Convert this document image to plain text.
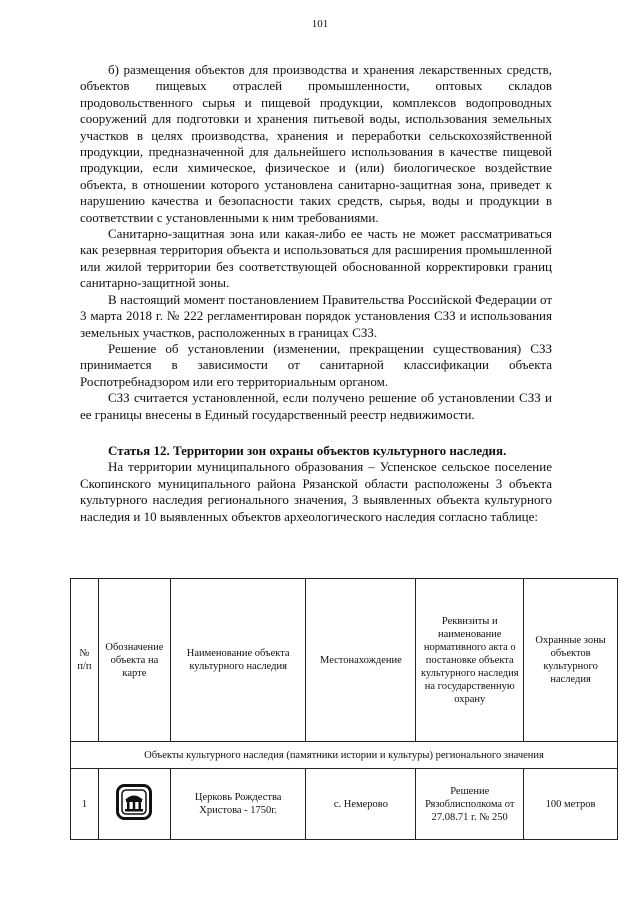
101

б) размещения объектов для производства и хранения лекарственных средств, объектов пищевых отраслей промышленности, оптовых складов продовольственного сырья и пищевой продукции, комплексов водопроводных сооружений для подготовки и хранения питьевой воды, использования земельных участков в целях производства, хранения и переработки сельскохозяйственной продукции, предназначенной для дальнейшего использования в качестве пищевой продукции, если химическое, физическое и (или) биологическое воздействие объекта, в отношении которого установлена санитарно-защитная зона, приведет к нарушению качества и безопасности таких средств, сырья, воды и продукции в соответствии с установленными к ним требованиями.

Санитарно-защитная зона или какая-либо ее часть не может рассматриваться как резервная территория объекта и использоваться для расширения промышленной или жилой территории без соответствующей обоснованной корректировки границ санитарно-защитной зоны.

В настоящий момент постановлением Правительства Российской Федерации от 3 марта 2018 г. № 222 регламентирован порядок установления СЗЗ и использования земельных участков, расположенных в границах СЗЗ.

Решение об установлении (изменении, прекращении существования) СЗЗ принимается в зависимости от санитарной классификации объекта Роспотребнадзором или его территориальным органом.

СЗЗ считается установленной, если получено решение об установлении СЗЗ и ее границы внесены в Единый государственный реестр недвижимости.

Статья 12. Территории зон охраны объектов культурного наследия.

На территории муниципального образования – Успенское сельское поселение Скопинского муниципального района Рязанской области расположены 3 объекта культурного наследия регионального значения, 3 выявленных объекта культурного наследия и 10 выявленных объектов археологического наследия согласно таблице:

№ п/п	Обозначение объекта на карте	Наименование объекта культурного наследия	Местонахождение	Реквизиты и наименование нормативного акта о постановке объекта культурного наследия на государственную охрану	Охранные зоны объектов культурного наследия
Объекты культурного наследия (памятники истории и культуры) регионального значения					
1		Церковь Рождества Христова - 1750г.	с. Немерово	Решение Рязоблисполкома от 27.08.71 г. № 250	100 метров
